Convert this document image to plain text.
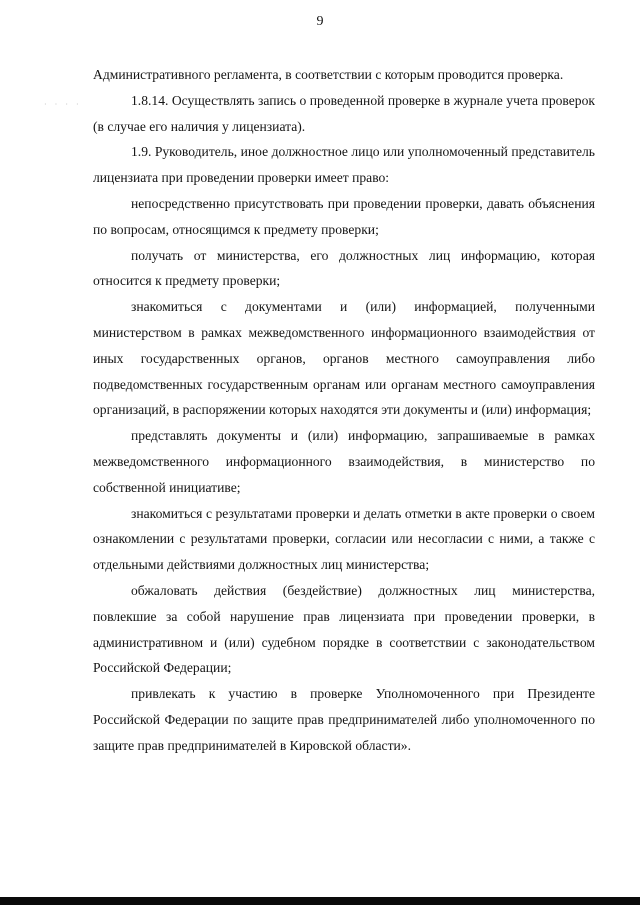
9
· · · ·

Административного регламента, в соответствии с которым проводится проверка.

1.8.14. Осуществлять запись о проведенной проверке в журнале учета проверок (в случае его наличия у лицензиата).

1.9. Руководитель, иное должностное лицо или уполномоченный представитель лицензиата при проведении проверки имеет право:

непосредственно присутствовать при проведении проверки, давать объяснения по вопросам, относящимся к предмету проверки;

получать от министерства, его должностных лиц информацию, которая относится к предмету проверки;

знакомиться с документами и (или) информацией, полученными министерством в рамках межведомственного информационного взаимодействия от иных государственных органов, органов местного самоуправления либо подведомственных государственным органам или органам местного самоуправления организаций, в распоряжении которых находятся эти документы и (или) информация;

представлять документы и (или) информацию, запрашиваемые в рамках межведомственного информационного взаимодействия, в министерство по собственной инициативе;

знакомиться с результатами проверки и делать отметки в акте проверки о своем ознакомлении с результатами проверки, согласии или несогласии с ними, а также с отдельными действиями должностных лиц министерства;

обжаловать действия (бездействие) должностных лиц министерства, повлекшие за собой нарушение прав лицензиата при проведении проверки, в административном и (или) судебном порядке в соответствии с законодательством Российской Федерации;

привлекать к участию в проверке Уполномоченного при Президенте Российской Федерации по защите прав предпринимателей либо уполномоченного по защите прав предпринимателей в Кировской области».
